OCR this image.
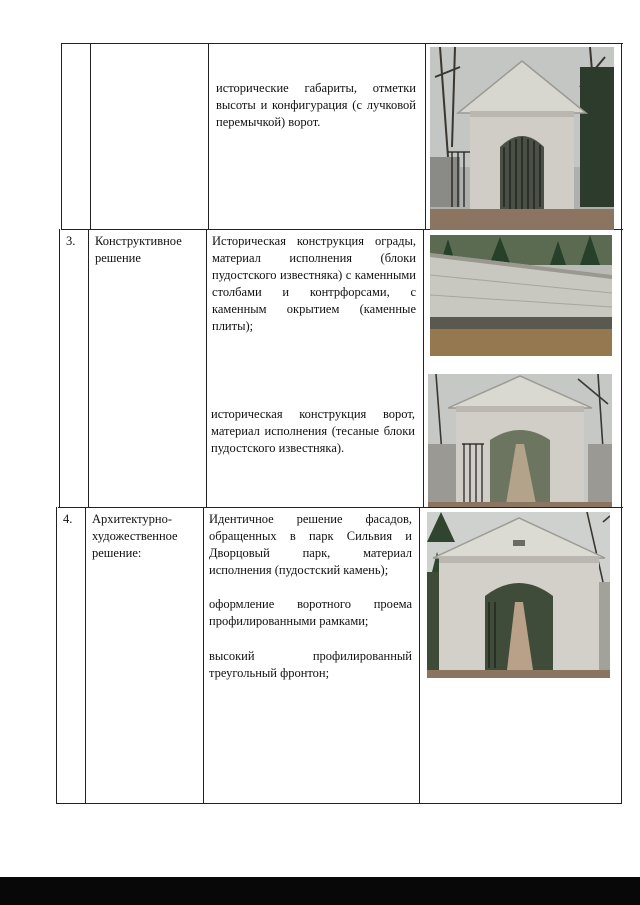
исторические габариты, отметки высоты и конфигурация (с лучковой перемычкой) ворот.
3. Конструктивное решение
Историческая конструкция ограды, материал исполнения (блоки пудостского известняка) с каменными столбами и контрфорсами, с каменным окрытием (каменные плиты);
историческая конструкция ворот, материал исполнения (тесаные блоки пудостского известняка).
4. Архитектурно-художественное решение:
Идентичное решение фасадов, обращенных в парк Сильвия и Дворцовый парк, материал исполнения (пудостский камень);
оформление воротного проема профилированными рамками;
высокий профилированный треугольный фронтон;
